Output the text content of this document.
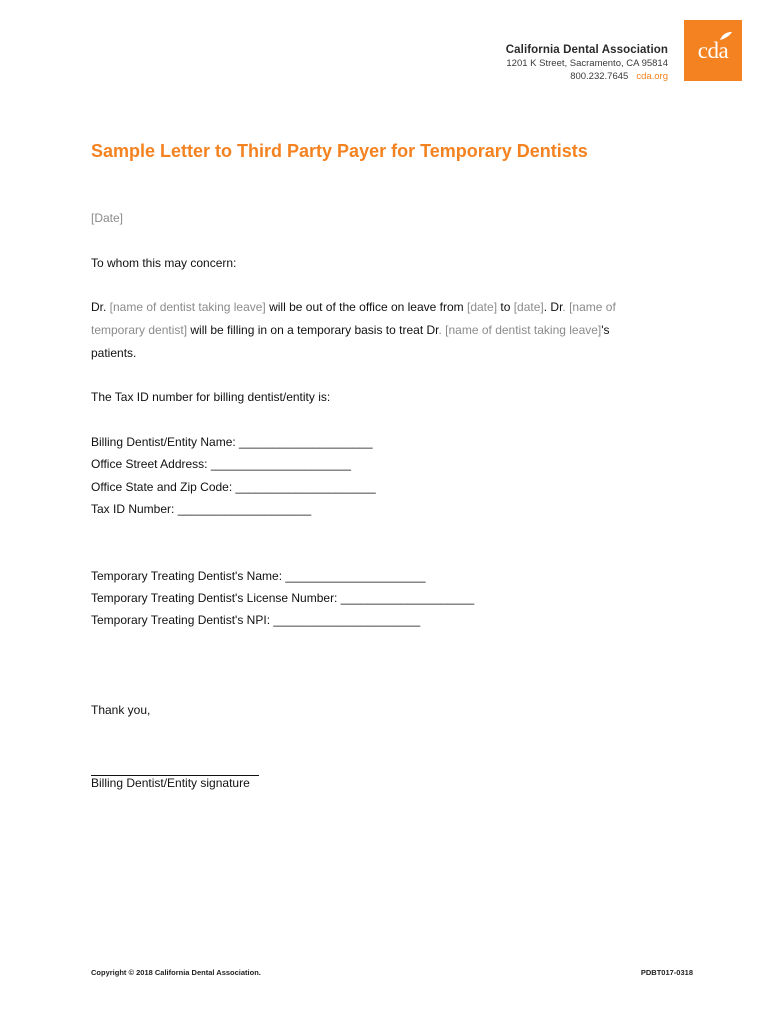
California Dental Association
1201 K Street, Sacramento, CA 95814
800.232.7645 cda.org
cda
Sample Letter to Third Party Payer for Temporary Dentists
[Date]
To whom this may concern:
Dr. [name of dentist taking leave] will be out of the office on leave from [date] to [date]. Dr. [name of
temporary dentist] will be filling in on a temporary basis to treat Dr. [name of dentist taking leave]'s
patients.
The Tax ID number for billing dentist/entity is:
Billing Dentist/Entity Name: ____________________
Office Street Address: _____________________
Office State and Zip Code: _____________________
Tax ID Number: ____________________
Temporary Treating Dentist's Name: _____________________
Temporary Treating Dentist's License Number: ____________________
Temporary Treating Dentist's NPI: ______________________
Thank you,
Billing Dentist/Entity signature
Copyright © 2018 California Dental Association.	PDBT017-0318
